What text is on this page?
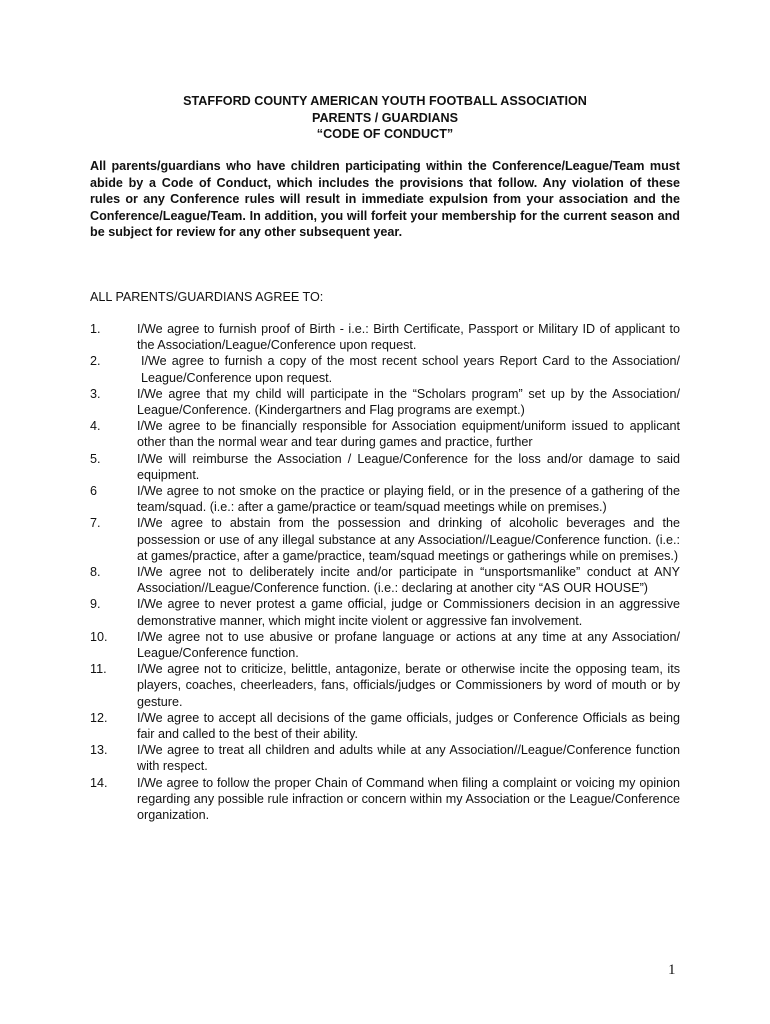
STAFFORD COUNTY AMERICAN YOUTH FOOTBALL ASSOCIATION
PARENTS / GUARDIANS
“CODE OF CONDUCT”

All parents/guardians who have children participating within the Conference/League/Team must abide by a Code of Conduct, which includes the provisions that follow. Any violation of these rules or any Conference rules will result in immediate expulsion from your association and the Conference/League/Team. In addition, you will forfeit your membership for the current season and be subject for review for any other subsequent year.

ALL PARENTS/GUARDIANS AGREE TO:
1.	I/We agree to furnish proof of Birth - i.e.: Birth Certificate, Passport or Military ID of applicant to the Association/League/Conference upon request.
2.	I/We agree to furnish a copy of the most recent school years Report Card to the Association/ League/Conference upon request.
3.	I/We agree that my child will participate in the “Scholars program” set up by the Association/ League/Conference. (Kindergartners and Flag programs are exempt.)
4.	I/We agree to be financially responsible for Association equipment/uniform issued to applicant other than the normal wear and tear during games and practice, further
5.	I/We will reimburse the Association / League/Conference for the loss and/or damage to said equipment.
6	I/We agree to not smoke on the practice or playing field, or in the presence of a gathering of the team/squad. (i.e.: after a game/practice or team/squad meetings while on premises.)
7.	I/We agree to abstain from the possession and drinking of alcoholic beverages and the possession or use of any illegal substance at any Association//League/Conference function. (i.e.: at games/practice, after a game/practice, team/squad meetings or gatherings while on premises.)
8.	I/We agree not to deliberately incite and/or participate in “unsportsmanlike” conduct at ANY Association//League/Conference function. (i.e.: declaring at another city “AS OUR HOUSE”)
9.	I/We agree to never protest a game official, judge or Commissioners decision in an aggressive demonstrative manner, which might incite violent or aggressive fan involvement.
10.	I/We agree not to use abusive or profane language or actions at any time at any Association/ League/Conference function.
11.	I/We agree not to criticize, belittle, antagonize, berate or otherwise incite the opposing team, its players, coaches, cheerleaders, fans, officials/judges or Commissioners by word of mouth or by gesture.
12.	I/We agree to accept all decisions of the game officials, judges or Conference Officials as being fair and called to the best of their ability.
13.	I/We agree to treat all children and adults while at any Association//League/Conference function with respect.
14.	I/We agree to follow the proper Chain of Command when filing a complaint or voicing my opinion regarding any possible rule infraction or concern within my Association or the League/Conference organization.
1
